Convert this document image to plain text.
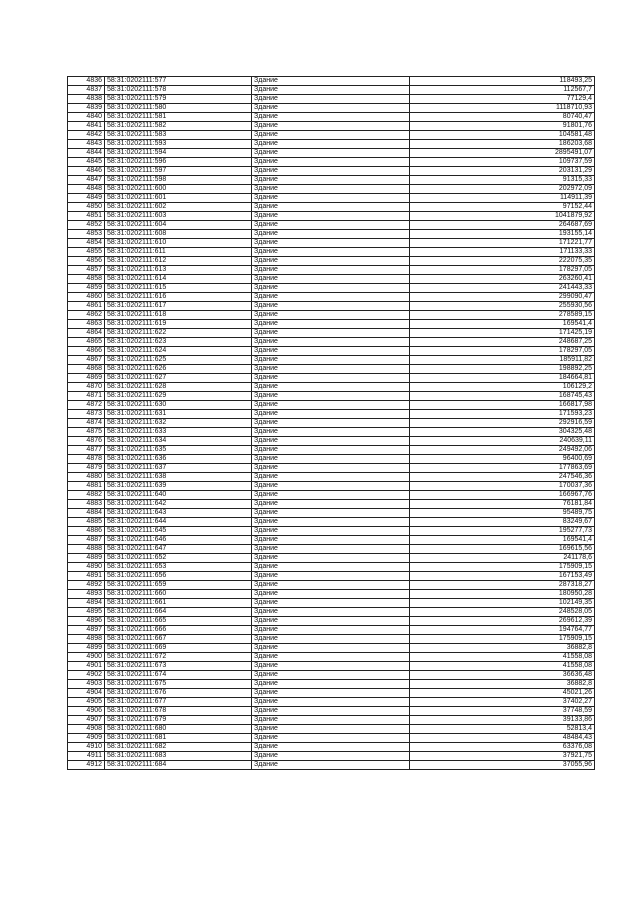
4836	58:31:0202111:577	Здание	118493,25
4837	58:31:0202111:578	Здание	112567,7
4838	58:31:0202111:579	Здание	77129,4
4839	58:31:0202111:580	Здание	1118710,93
4840	58:31:0202111:581	Здание	80740,47
4841	58:31:0202111:582	Здание	91801,76
4842	58:31:0202111:583	Здание	104581,48
4843	58:31:0202111:593	Здание	186203,68
4844	58:31:0202111:594	Здание	2895491,07
4845	58:31:0202111:596	Здание	109737,59
4846	58:31:0202111:597	Здание	203131,29
4847	58:31:0202111:598	Здание	91315,33
4848	58:31:0202111:600	Здание	202972,09
4849	58:31:0202111:601	Здание	114911,39
4850	58:31:0202111:602	Здание	97152,44
4851	58:31:0202111:603	Здание	1041879,92
4852	58:31:0202111:604	Здание	264687,69
4853	58:31:0202111:608	Здание	193155,14
4854	58:31:0202111:610	Здание	171221,77
4855	58:31:0202111:611	Здание	171133,33
4856	58:31:0202111:612	Здание	222075,35
4857	58:31:0202111:613	Здание	178297,05
4858	58:31:0202111:614	Здание	263260,41
4859	58:31:0202111:615	Здание	241443,33
4860	58:31:0202111:616	Здание	299090,47
4861	58:31:0202111:617	Здание	255930,56
4862	58:31:0202111:618	Здание	278589,15
4863	58:31:0202111:619	Здание	169541,4
4864	58:31:0202111:622	Здание	171425,19
4865	58:31:0202111:623	Здание	248687,25
4866	58:31:0202111:624	Здание	178297,05
4867	58:31:0202111:625	Здание	185911,82
4868	58:31:0202111:626	Здание	198892,25
4869	58:31:0202111:627	Здание	184664,81
4870	58:31:0202111:628	Здание	106129,2
4871	58:31:0202111:629	Здание	168745,43
4872	58:31:0202111:630	Здание	166817,98
4873	58:31:0202111:631	Здание	171593,23
4874	58:31:0202111:632	Здание	292916,59
4875	58:31:0202111:633	Здание	304325,48
4876	58:31:0202111:634	Здание	240639,11
4877	58:31:0202111:635	Здание	249492,06
4878	58:31:0202111:636	Здание	96400,69
4879	58:31:0202111:637	Здание	177863,69
4880	58:31:0202111:638	Здание	247546,36
4881	58:31:0202111:639	Здание	170037,36
4882	58:31:0202111:640	Здание	166967,76
4883	58:31:0202111:642	Здание	76181,84
4884	58:31:0202111:643	Здание	95489,75
4885	58:31:0202111:644	Здание	83249,67
4886	58:31:0202111:645	Здание	195277,73
4887	58:31:0202111:646	Здание	169541,4
4888	58:31:0202111:647	Здание	169615,56
4889	58:31:0202111:652	Здание	241178,6
4890	58:31:0202111:653	Здание	175909,15
4891	58:31:0202111:656	Здание	167153,49
4892	58:31:0202111:659	Здание	287318,27
4893	58:31:0202111:660	Здание	180950,28
4894	58:31:0202111:661	Здание	102149,35
4895	58:31:0202111:664	Здание	248528,05
4896	58:31:0202111:665	Здание	269612,39
4897	58:31:0202111:666	Здание	194764,77
4898	58:31:0202111:667	Здание	175909,15
4899	58:31:0202111:669	Здание	36882,8
4900	58:31:0202111:672	Здание	41558,08
4901	58:31:0202111:673	Здание	41558,08
4902	58:31:0202111:674	Здание	36636,48
4903	58:31:0202111:675	Здание	36882,8
4904	58:31:0202111:676	Здание	45021,26
4905	58:31:0202111:677	Здание	37402,27
4906	58:31:0202111:678	Здание	37748,59
4907	58:31:0202111:679	Здание	39133,86
4908	58:31:0202111:680	Здание	52813,4
4909	58:31:0202111:681	Здание	48484,43
4910	58:31:0202111:682	Здание	63376,08
4911	58:31:0202111:683	Здание	37921,75
4912	58:31:0202111:684	Здание	37055,96
